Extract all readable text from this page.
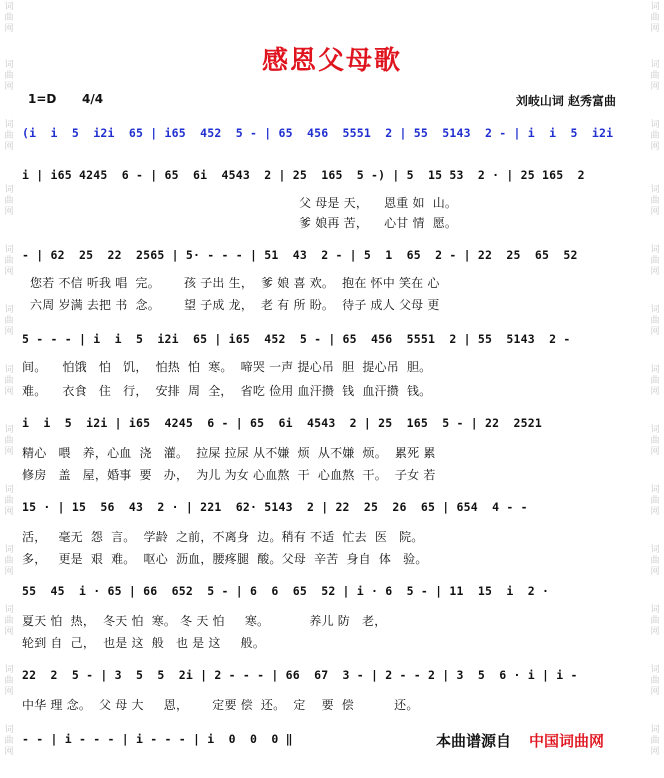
词
曲
网
词
曲
网
词
曲
网
词
曲
网
词
曲
网
词
曲
网
词
曲
网
词
曲
网
词
曲
网
词
曲
网
词
曲
网
词
曲
网
词
曲
网
词
曲
网
词
曲
网
词
曲
网
词
曲
网
词
曲
网
词
曲
网
词
曲
网
词
曲
网
词
曲
网
词
曲
网
词
曲
网
词
曲
网
词
曲
网
感恩父母歌
1=D 4/4	刘岐山词 赵秀富曲
(i  i  5  i2i  65 | i65  452  5 - | 65  456  5551  2 | 55  5143  2 - | i  i  5  i2i
i | i65 4245  6 - | 65  6i  4543  2 | 25  165  5 -) | 5  15 53  2 · | 25 165  2
父 母是 天，    恩重 如  山。
爹 娘再 苦，    心甘 情  愿。
- | 62  25  22  2565 | 5· - - - | 51  43  2 - | 5  1  65  2 - | 22  25  65  52
您若 不信 听我 唱  完。      孩 子出 生，  爹 娘 喜 欢。  抱在 怀中 笑在 心
六周 岁满 去把 书  念。      望 子成 龙，  老 有 所 盼。  待子 成人 父母 更
5 - - - | i  i  5  i2i  65 | i65  452  5 - | 65  456  5551  2 | 55  5143  2 -
间。    怕饿   怕   饥，  怕热  怕  寒。  啼哭 一声 提心吊  胆  提心吊  胆。
难。    衣食   住   行，  安排  周  全，  省吃 俭用 血汗攒  钱  血汗攒  钱。
i  i  5  i2i | i65  4245  6 - | 65  6i  4543  2 | 25  165  5 - | 22  2521
精心   喂   养，心血  浇   灌。  拉屎 拉尿 从不嫌  烦  从不嫌  烦。  累死 累
修房   盖   屋，婚事  要   办，  为儿 为女 心血熬  干  心血熬  干。  子女 若
15 · | 15  56  43  2 · | 221  62· 5143  2 | 22  25  26  65 | 654  4 - -
活，   毫无  怨  言。  学龄  之前，不离身  边。稍有 不适  忙去  医   院。
多，   更是  艰  难。  呕心  沥血，腰疼腿  酸。父母  辛苦  身自  体   验。
55  45  i · 65 | 66  652  5 - | 6  6  65  52 | i · 6  5 - | 11  15  i  2 ·
夏天 怕  热，  冬天 怕  寒。 冬 天 怕     寒。          养儿 防   老，
轮到 自  己，  也是 这  般   也 是 这     般。
22  2  5 - | 3  5  5  2i | 2 - - - | 66  67  3 - | 2 - - 2 | 3  5  6 · i | i -
中华 理 念。  父 母 大     恩，      定要 偿  还。  定    要  偿          还。
- - | i - - - | i - - - | i  0  0  0 ‖	本曲谱源自 中国词曲网
